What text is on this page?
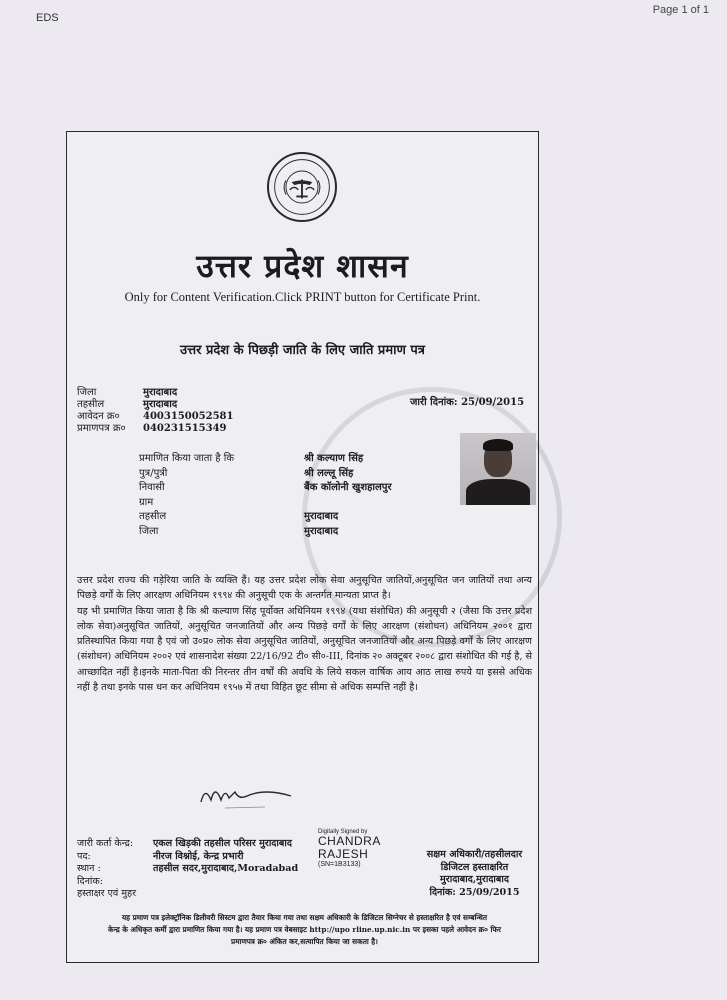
EDS
Page 1 of 1
उत्तर प्रदेश शासन
Only for Content Verification.Click PRINT button for Certificate Print.
उत्तर प्रदेश के पिछड़ी जाति के लिए जाति प्रमाण पत्र
जिला	मुरादाबाद
तहसील	मुरादाबाद
आवेदन क्र०	4003150052581
प्रमाणपत्र क्र०	040231515349
जारी दिनांक: 25/09/2015
प्रमाणित किया जाता है कि	श्री कल्याण सिंह
पुत्र/पुत्री	श्री लल्लू सिंह
निवासी	बैंक कॉलोनी खुशहालपुर
ग्राम
तहसील	मुरादाबाद
जिला	मुरादाबाद

उत्तर प्रदेश राज्य की गड़ेरिया जाति के व्यक्ति हैं। यह उत्तर प्रदेश लोक सेवा अनुसूचित जातियों,अनुसूचित जन जातियों तथा अन्य पिछड़े वर्गों के लिए आरक्षण अधिनियम १९९४ की अनुसूची एक के अन्तर्गत मान्यता प्राप्त है।

यह भी प्रमाणित किया जाता है कि श्री कल्याण सिंह पूर्वोक्त अधिनियम १९९४ (यथा संशोधित) की अनुसूची २ (जैसा कि उत्तर प्रदेश लोक सेवा)अनुसूचित जातियों, अनुसूचित जनजातियों और अन्य पिछड़े वर्गों के लिए आरक्षण (संशोधन) अधिनियम २००१ द्वारा प्रतिस्थापित किया गया है एवं जो उ०प्र० लोक सेवा अनुसूचित जातियों, अनुसूचित जनजातियों और अन्य पिछड़े वर्गों के लिए आरक्षण (संशोधन) अधिनियम २००२ एवं शासनादेश संख्या 22/16/92 टी० सी०-III, दिनांक २० अक्टूबर २००८ द्वारा संशोधित की गई है, से आच्छादित नहीं है।इनके माता-पिता की निरन्तर तीन वर्षों की अवधि के लिये सकल वार्षिक आय आठ लाख रुपये या इससे अधिक नहीं है तथा इनके पास धन कर अधिनियम १९५७ में तथा विहित छूट सीमा से अधिक सम्पत्ति नहीं है।

जारी कर्ता केन्द्र:	एकल खिड़की तहसील परिसर मुरादाबाद
पद:	नीरज विश्नोई, केन्द्र प्रभारी
स्थान :	तहसील सदर,मुरादाबाद,Moradabad
दिनांक:
हस्ताक्षर एवं मुहर
Digitally Signed by
CHANDRA
RAJESH
(SN=1B3133)
सक्षम अधिकारी/तहसीलदार
डिजिटल हस्ताक्षरित
मुरादाबाद,मुरादाबाद
दिनांक: 25/09/2015
यह प्रमाण पत्र इलेक्ट्रॉनिक डिलीवरी सिस्टम द्वारा तैयार किया गया तथा सक्षम अधिकारी के डिजिटल सिग्नेचर से हस्ताक्षरित है एवं सम्बन्धित
केन्द्र के अधिकृत कर्मी द्वारा प्रमाणित किया गया है। यह प्रमाण पत्र वेबसाइट http://upo rline.up.nic.in पर इसका पहले आवेदन क्र० फिर
प्रमाणपत्र क्र० अंकित कर,सत्यापित किया जा सकता है।
